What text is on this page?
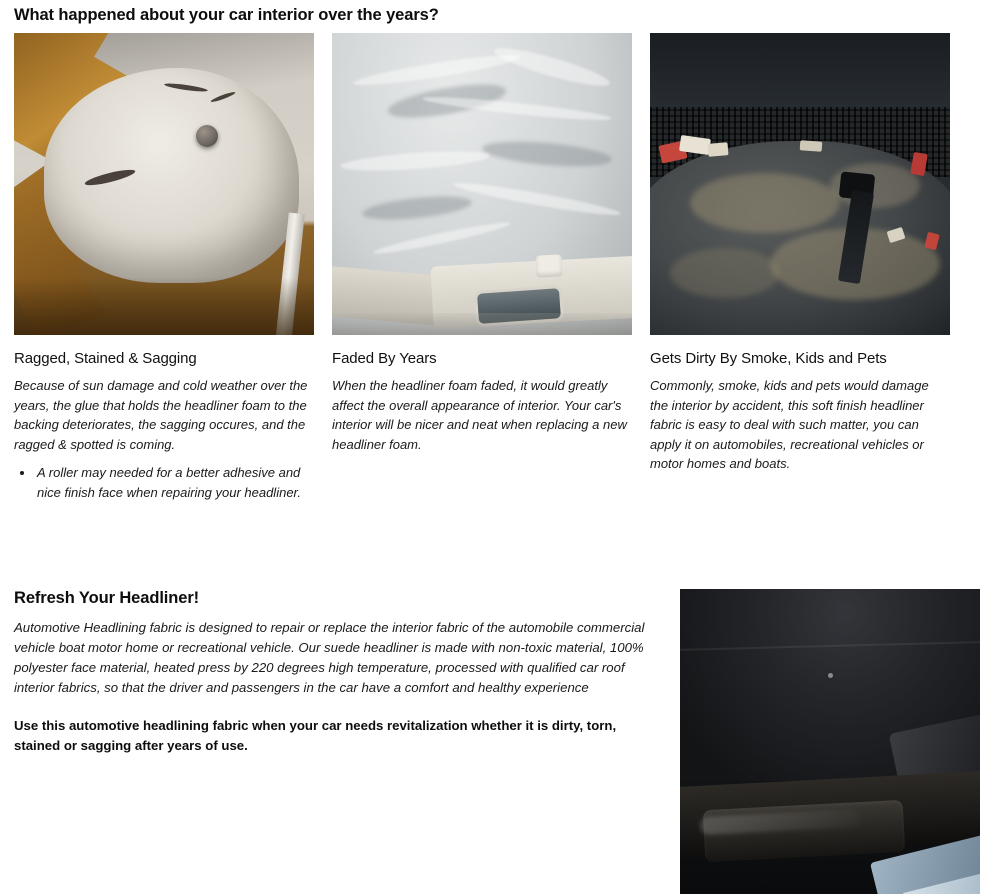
What happened about your car interior over the years?
Ragged, Stained & Sagging

Because of sun damage and cold weather over the years, the glue that holds the headliner foam to the backing deteriorates, the sagging occures, and the ragged & spotted is coming.

• A roller may needed for a better adhesive and nice finish face when repairing your headliner.
Faded By Years

When the headliner foam faded, it would greatly affect the overall appearance of interior. Your car's interior will be nicer and neat when replacing a new headliner foam.

Gets Dirty By Smoke, Kids and Pets

Commonly, smoke, kids and pets would damage the interior by accident, this soft finish headliner fabric is easy to deal with such matter, you can apply it on automobiles, recreational vehicles or motor homes and boats.

Refresh Your Headliner!

Automotive Headlining fabric is designed to repair or replace the interior fabric of the automobile commercial vehicle boat motor home or recreational vehicle. Our suede headliner is made with non-toxic material, 100% polyester face material, heated press by 220 degrees high temperature, processed with qualified car roof interior fabrics, so that the driver and passengers in the car have a comfort and healthy experience

Use this automotive headlining fabric when your car needs revitalization whether it is dirty, torn, stained or sagging after years of use.
